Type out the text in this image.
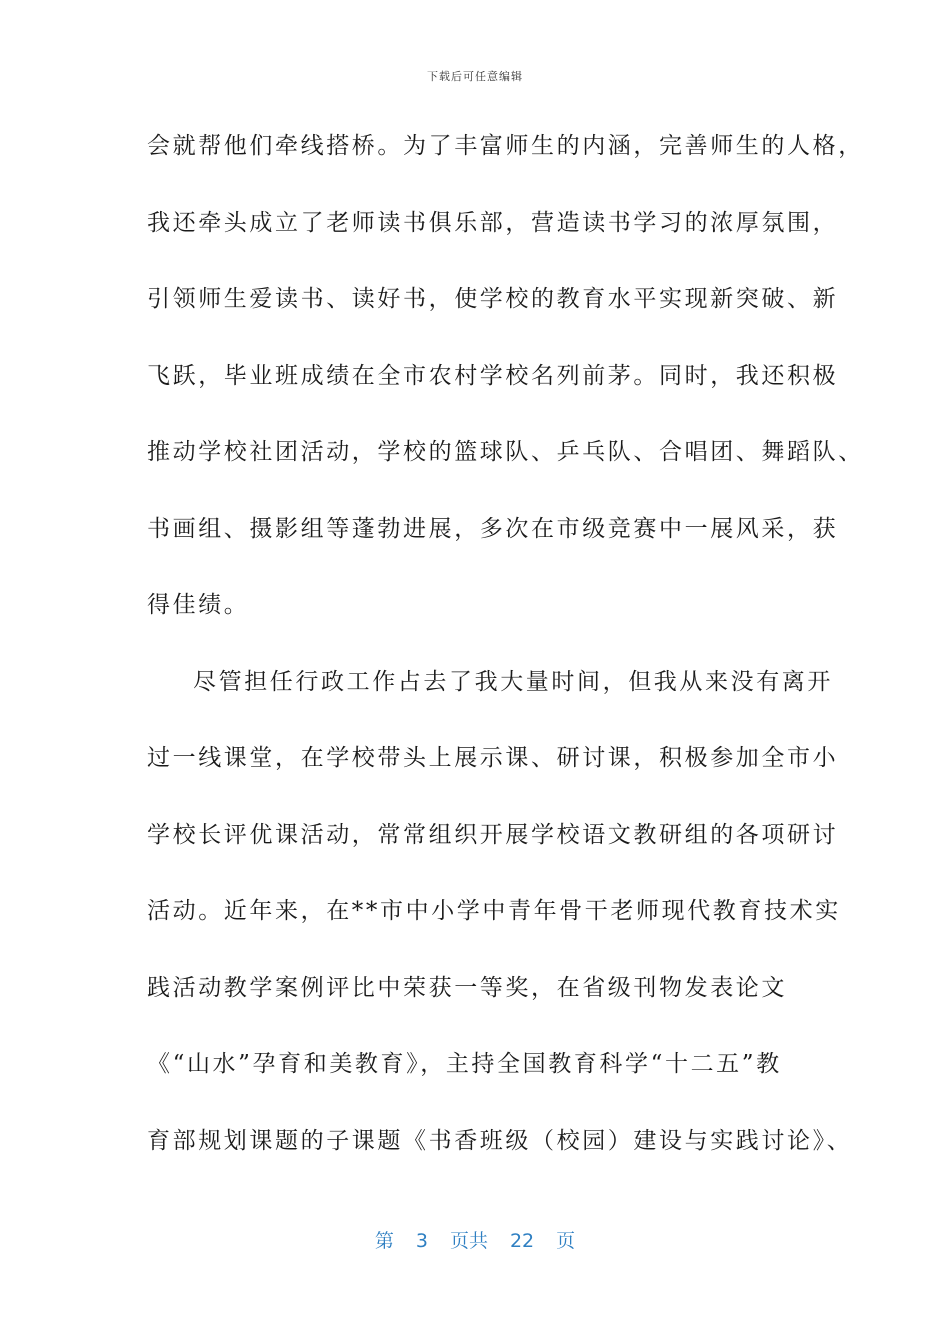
下载后可任意编辑
会就帮他们牵线搭桥。为了丰富师生的内涵，完善师生的人格，
我还牵头成立了老师读书俱乐部，营造读书学习的浓厚氛围，
引领师生爱读书、读好书，使学校的教育水平实现新突破、新
飞跃，毕业班成绩在全市农村学校名列前茅。同时，我还积极
推动学校社团活动，学校的篮球队、乒乓队、合唱团、舞蹈队、
书画组、摄影组等蓬勃进展，多次在市级竞赛中一展风采，获
得佳绩。
尽管担任行政工作占去了我大量时间，但我从来没有离开
过一线课堂，在学校带头上展示课、研讨课，积极参加全市小
学校长评优课活动，常常组织开展学校语文教研组的各项研讨
活动。近年来，在**市中小学中青年骨干老师现代教育技术实
践活动教学案例评比中荣获一等奖，在省级刊物发表论文
《“山水”孕育和美教育》，主持全国教育科学“十二五”教
育部规划课题的子课题《书香班级（校园）建设与实践讨论》、
第 3 页共 22 页
